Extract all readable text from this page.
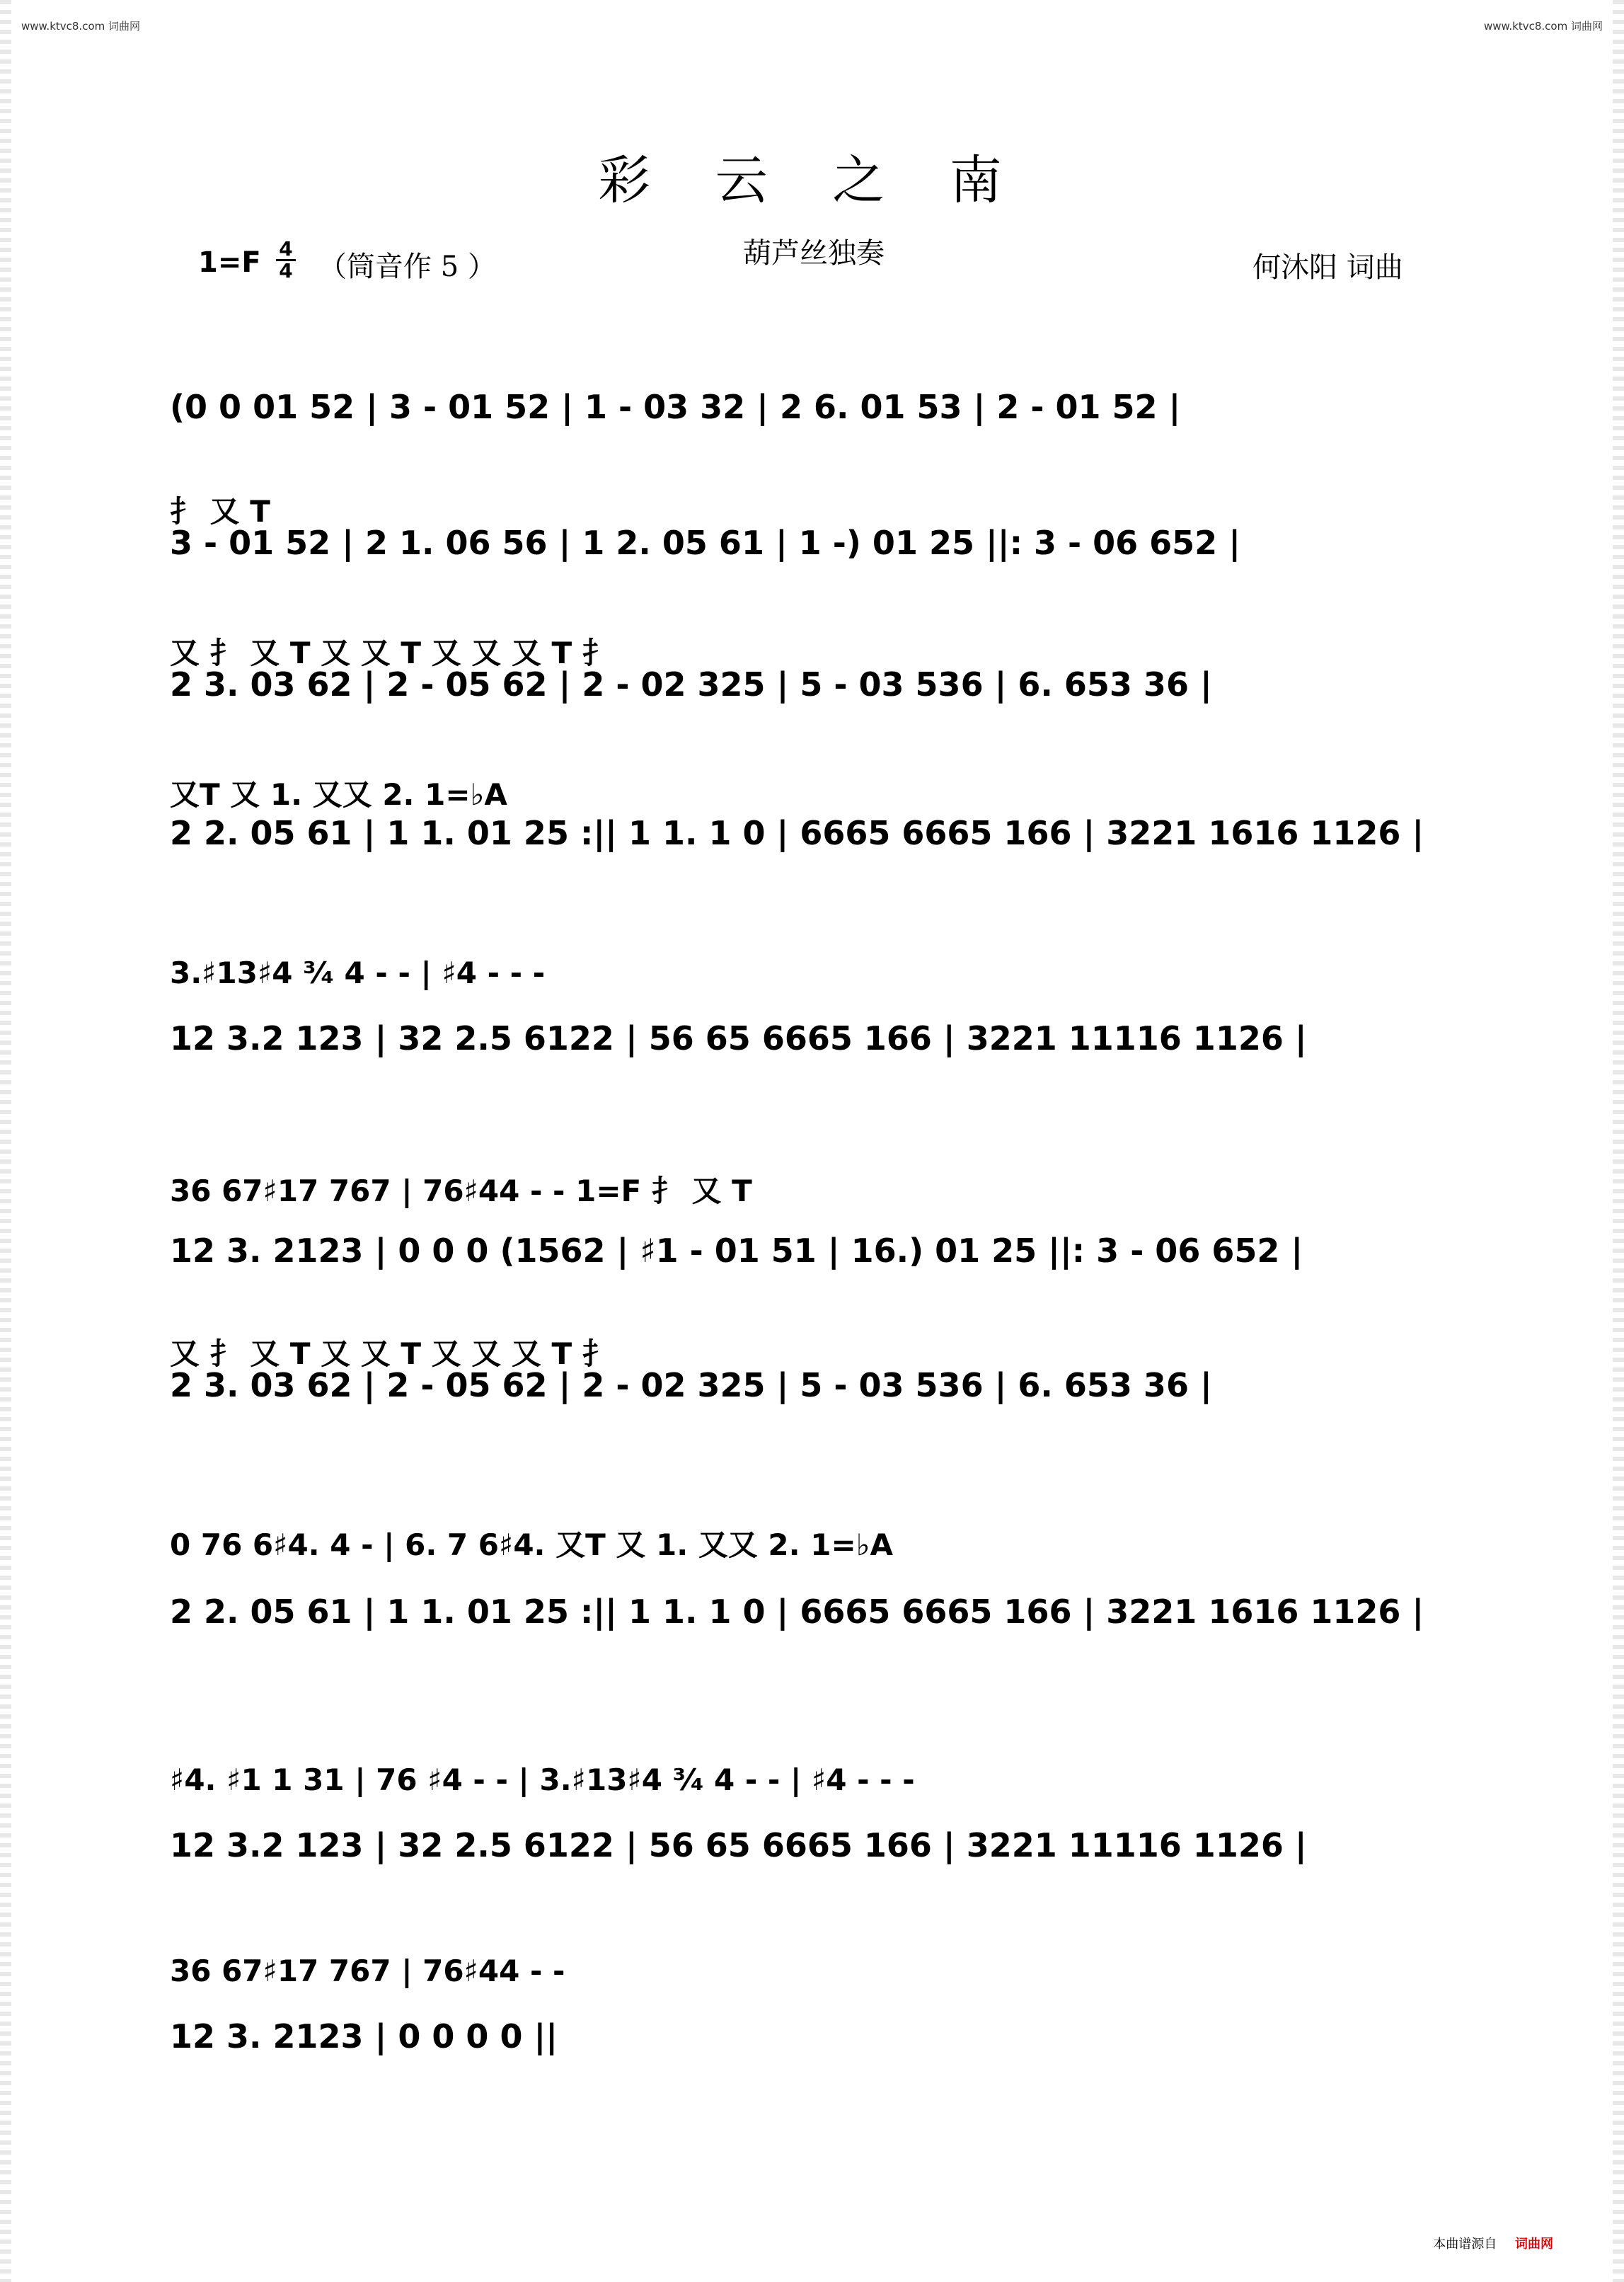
www.ktvc8.com 词曲网	www.ktvc8.com 词曲网
彩 云 之 南
1=F 4
4 （筒音作 5 ）	葫芦丝独奏	何沐阳 词曲
(0 0 01 52 | 3 - 01 52 | 1 - 03 32 | 2 6. 01 53 | 2 - 01 52 |
扌 又 T
3 - 01 52 | 2 1. 06 56 | 1 2. 05 61 | 1 -) 01 25 ||: 3 - 06 652 |
又 扌 又 T 又 又 T 又 又 又 T 扌
2 3. 03 62 | 2 - 05 62 | 2 - 02 325 | 5 - 03 536 | 6. 653 36 |
又T 又 1. 又又 2. 1=♭A
2 2. 05 61 | 1 1. 01 25 :|| 1 1. 1 0 | 6665 6665 166 | 3221 1616 1126 |
3.♯13♯4 ³⁄₄ 4 - - | ♯4 - - -
12 3.2 123 | 32 2.5 6122 | 56 65 6665 166 | 3221 11116 1126 |
36 67♯17 767 | 76♯44 - - 1=F 扌 又 T
12 3. 2123 | 0 0 0 (1562 | ♯1 - 01 51 | 16.) 01 25 ||: 3 - 06 652 |
又 扌 又 T 又 又 T 又 又 又 T 扌
2 3. 03 62 | 2 - 05 62 | 2 - 02 325 | 5 - 03 536 | 6. 653 36 |
0 76 6♯4. 4 - | 6. 7 6♯4. 又T 又 1. 又又 2. 1=♭A
2 2. 05 61 | 1 1. 01 25 :|| 1 1. 1 0 | 6665 6665 166 | 3221 1616 1126 |
♯4. ♯1 1 31 | 76 ♯4 - - | 3.♯13♯4 ³⁄₄ 4 - - | ♯4 - - -
12 3.2 123 | 32 2.5 6122 | 56 65 6665 166 | 3221 11116 1126 |
36 67♯17 767 | 76♯44 - -
12 3. 2123 | 0 0 0 0 ||
本曲谱源自 词曲网
